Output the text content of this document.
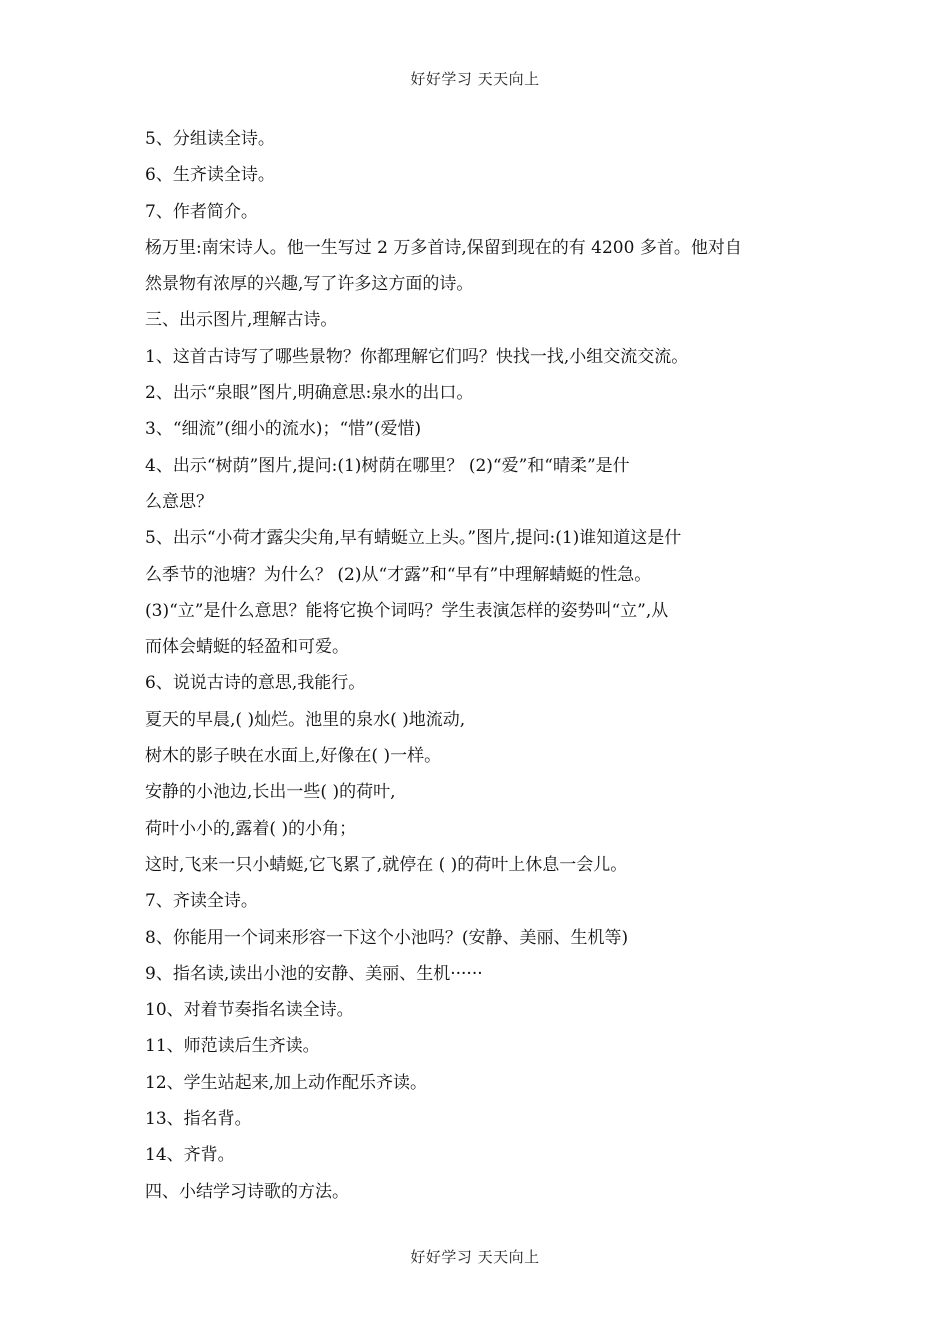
好好学习 天天向上
5、分组读全诗。
6、生齐读全诗。
7、作者简介。
杨万里:南宋诗人。他一生写过 2 万多首诗,保留到现在的有 4200 多首。他对自
然景物有浓厚的兴趣,写了许多这方面的诗。
三、出示图片,理解古诗。
1、这首古诗写了哪些景物？你都理解它们吗？快找一找,小组交流交流。
2、出示“泉眼”图片,明确意思:泉水的出口。
3、“细流”(细小的流水)；“惜”(爱惜)
4、出示“树荫”图片,提问:(1)树荫在哪里？ (2)“爱”和“晴柔”是什
么意思？
5、出示“小荷才露尖尖角,早有蜻蜓立上头。”图片,提问:(1)谁知道这是什
么季节的池塘？为什么？ (2)从“才露”和“早有”中理解蜻蜓的性急。
(3)“立”是什么意思？能将它换个词吗？学生表演怎样的姿势叫“立”,从
而体会蜻蜓的轻盈和可爱。
6、说说古诗的意思,我能行。
夏天的早晨,( )灿烂。池里的泉水( )地流动,
树木的影子映在水面上,好像在( )一样。
安静的小池边,长出一些( )的荷叶,
荷叶小小的,露着( )的小角；
这时,飞来一只小蜻蜓,它飞累了,就停在 ( )的荷叶上休息一会儿。
7、齐读全诗。
8、你能用一个词来形容一下这个小池吗？(安静、美丽、生机等)
9、指名读,读出小池的安静、美丽、生机······
10、对着节奏指名读全诗。
11、师范读后生齐读。
12、学生站起来,加上动作配乐齐读。
13、指名背。
14、齐背。
四、小结学习诗歌的方法。
好好学习 天天向上
